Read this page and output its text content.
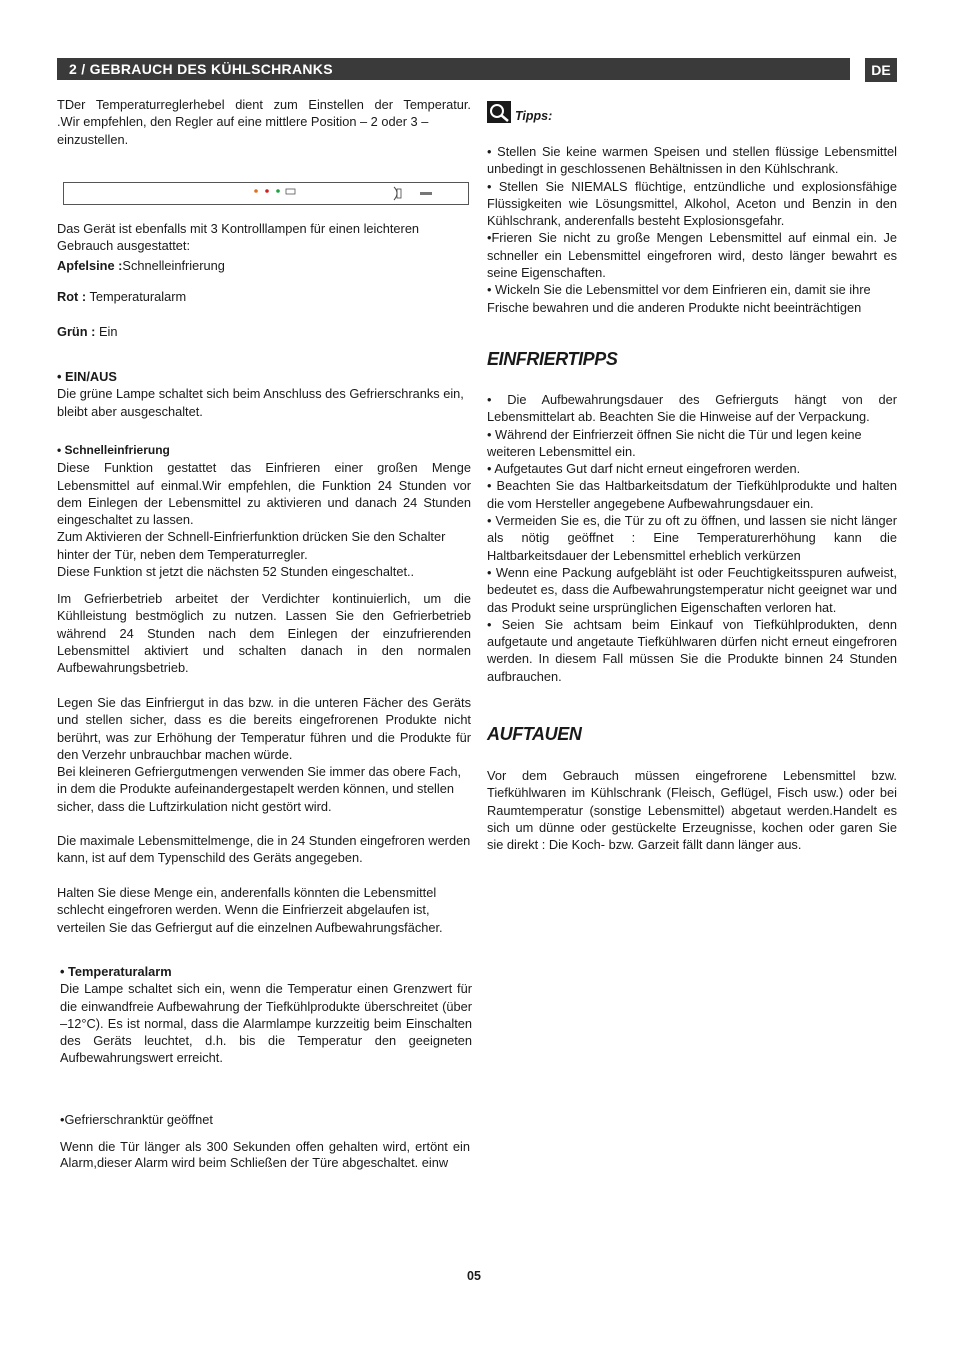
2 / GEBRAUCH DES KÜHLSCHRANKS	DE

TDer Temperaturreglerhebel dient zum Einstellen der Temperatur.

.Wir empfehlen, den Regler auf eine mittlere Position – 2 oder 3 – einzustellen.

Das Gerät ist ebenfalls mit 3 Kontrolllampen für einen leichteren Gebrauch ausgestattet:

Apfelsine :Schnelleinfrierung

Rot : Temperaturalarm

Grün : Ein

• EIN/AUS

Die grüne Lampe schaltet sich beim Anschluss des Gefrierschranks ein, bleibt aber ausgeschaltet.

• Schnelleinfrierung

Diese Funktion gestattet das Einfrieren einer großen Menge Lebensmittel auf einmal.Wir empfehlen, die Funktion 24 Stunden vor dem Einlegen der Lebensmittel zu aktivieren und danach 24 Stunden eingeschaltet zu lassen.

Zum Aktivieren der Schnell-Einfrierfunktion drücken Sie den Schalter hinter der Tür, neben dem Temperaturregler.

Diese Funktion st jetzt die nächsten 52 Stunden eingeschaltet..

Im Gefrierbetrieb arbeitet der Verdichter kontinuierlich, um die Kühlleistung bestmöglich zu nutzen. Lassen Sie den Gefrierbetrieb während 24 Stunden nach dem Einlegen der einzufrierenden Lebensmittel aktiviert und schalten danach in den normalen Aufbewahrungsbetrieb.

Legen Sie das Einfriergut in das bzw. in die unteren Fächer des Geräts und stellen sicher, dass es die bereits eingefrorenen Produkte nicht berührt, was zur Erhöhung der Temperatur führen und die Produkte für den Verzehr unbrauchbar machen würde.

Bei kleineren Gefriergutmengen verwenden Sie immer das obere Fach, in dem die Produkte aufeinandergestapelt werden können, und stellen sicher, dass die Luftzirkulation nicht gestört wird.

Die maximale Lebensmittelmenge, die in 24 Stunden eingefroren werden kann, ist auf dem Typenschild des Geräts angegeben.

Halten Sie diese Menge ein, anderenfalls könnten die Lebensmittel schlecht eingefroren werden. Wenn die Einfrierzeit abgelaufen ist, verteilen Sie das Gefriergut auf die einzelnen Aufbewahrungsfächer.

• Temperaturalarm

Die Lampe schaltet sich ein, wenn die Temperatur einen Grenzwert für die einwandfreie Aufbewahrung der Tiefkühlprodukte überschreitet (über –12°C). Es ist normal, dass die Alarmlampe kurzzeitig beim Einschalten des Geräts leuchtet, d.h. bis die Temperatur den geeigneten Aufbewahrungswert erreicht.

•Gefrierschranktür geöffnet

Wenn die Tür länger als 300 Sekunden offen gehalten wird, ertönt ein Alarm,dieser Alarm wird beim Schließen der Türe abgeschaltet. einw

Tipps:

• Stellen Sie keine warmen Speisen und stellen flüssige Lebensmittel unbedingt in geschlossenen Behältnissen in den Kühlschrank.

• Stellen Sie NIEMALS flüchtige, entzündliche und explosionsfähige Flüssigkeiten wie Lösungsmittel, Alkohol, Aceton und Benzin in den Kühlschrank, anderenfalls besteht Explosionsgefahr.

•Frieren Sie nicht zu große Mengen Lebensmittel auf einmal ein. Je schneller ein Lebensmittel eingefroren wird, desto länger bewahrt es seine Eigenschaften.

• Wickeln Sie die Lebensmittel vor dem Einfrieren ein, damit sie ihre Frische bewahren und die anderen Produkte nicht beeinträchtigen

EINFRIERTIPPS

• Die Aufbewahrungsdauer des Gefrierguts hängt von der Lebensmittelart ab. Beachten Sie die Hinweise auf der Verpackung.

• Während der Einfrierzeit öffnen Sie nicht die Tür und legen keine weiteren Lebensmittel ein.

• Aufgetautes Gut darf nicht erneut eingefroren werden.

• Beachten Sie das Haltbarkeitsdatum der Tiefkühlprodukte und halten die vom Hersteller angegebene Aufbewahrungsdauer ein.

• Vermeiden Sie es, die Tür zu oft zu öffnen, und lassen sie nicht länger als nötig geöffnet : Eine Temperaturerhöhung kann die Haltbarkeitsdauer der Lebensmittel erheblich verkürzen

• Wenn eine Packung aufgebläht ist oder Feuchtigkeitsspuren aufweist, bedeutet es, dass die Aufbewahrungstemperatur nicht geeignet war und das Produkt seine ursprünglichen Eigenschaften verloren hat.

• Seien Sie achtsam beim Einkauf von Tiefkühlprodukten, denn aufgetaute und angetaute Tiefkühlwaren dürfen nicht erneut eingefroren werden. In diesem Fall müssen Sie die Produkte binnen 24 Stunden aufbrauchen.

AUFTAUEN

Vor dem Gebrauch müssen eingefrorene Lebensmittel bzw. Tiefkühlwaren im Kühlschrank (Fleisch, Geflügel, Fisch usw.) oder bei Raumtemperatur (sonstige Lebensmittel) abgetaut werden.Handelt es sich um dünne oder gestückelte Erzeugnisse, kochen oder garen Sie sie direkt : Die Koch- bzw. Garzeit fällt dann länger aus.

05
